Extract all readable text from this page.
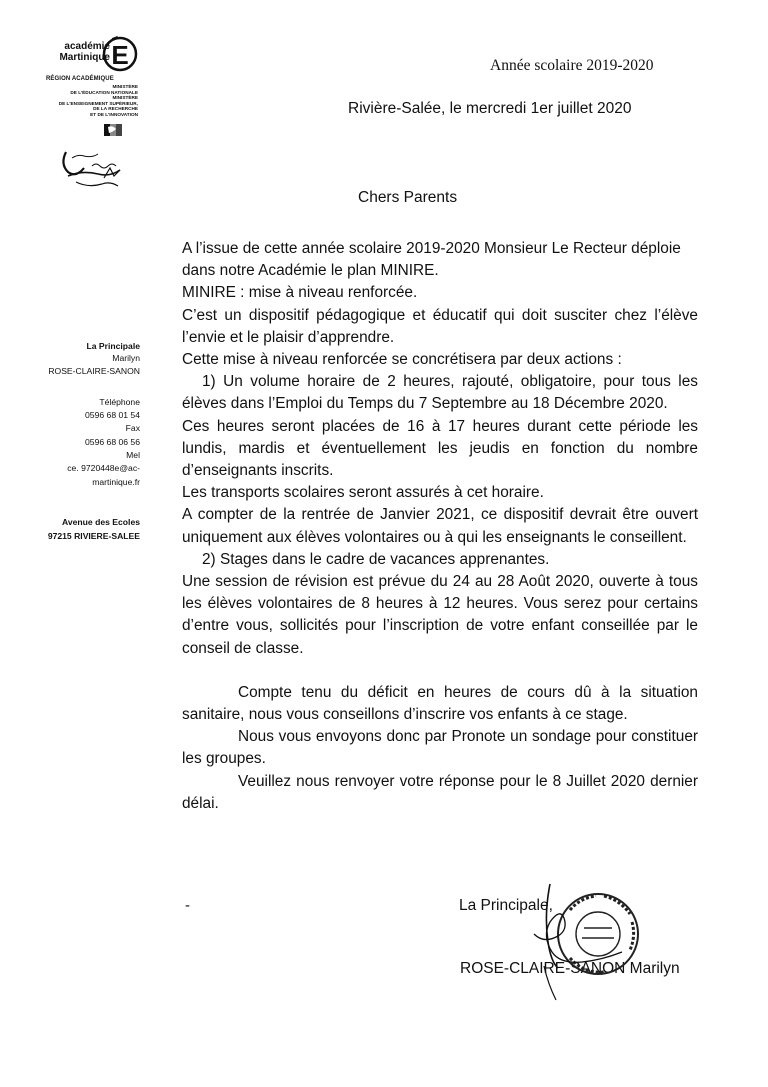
académie
Martinique E
RÉGION ACADÉMIQUE
MINISTÈRE
DE L'ÉDUCATION NATIONALE
MINISTÈRE
DE L'ENSEIGNEMENT SUPÉRIEUR,
DE LA RECHERCHE
ET DE L'INNOVATION
La Principale
Marilyn
ROSE-CLAIRE-SANON
Téléphone
0596 68 01 54
Fax
0596 68 06 56
Mel
ce. 9720448e@ac-
martinique.fr
Avenue des Ecoles
97215 RIVIERE-SALEE
Année scolaire 2019-2020
Rivière-Salée, le mercredi 1er juillet 2020
Chers Parents

A l’issue de cette année scolaire 2019-2020 Monsieur Le Recteur déploie dans notre Académie le plan MINIRE.

MINIRE : mise à niveau renforcée.

C’est un dispositif pédagogique et éducatif qui doit susciter chez l’élève l’envie et le plaisir d’apprendre.

Cette mise à niveau renforcée se concrétisera par deux actions :

1) Un volume horaire de 2 heures, rajouté, obligatoire, pour tous les élèves dans l’Emploi du Temps du 7 Septembre au 18 Décembre 2020.

Ces heures seront placées de 16 à 17 heures durant cette période les lundis, mardis et éventuellement les jeudis en fonction du nombre d’enseignants inscrits.

Les transports scolaires seront assurés à cet horaire.

A compter de la rentrée de Janvier 2021, ce dispositif devrait être ouvert uniquement aux élèves volontaires ou à qui les enseignants le conseillent.

2) Stages dans le cadre de vacances apprenantes.

Une session de révision est prévue du 24 au 28 Août 2020, ouverte à tous les élèves volontaires de 8 heures à 12 heures. Vous serez pour certains d’entre vous, sollicités pour l’inscription de votre enfant conseillée par le conseil de classe.

Compte tenu du déficit en heures de cours dû à la situation sanitaire, nous vous conseillons d’inscrire vos enfants à ce stage.

Nous vous envoyons donc par Pronote un sondage pour constituer les groupes.

Veuillez nous renvoyer votre réponse pour le 8 Juillet 2020 dernier délai.

-	La Principale,
ROSE-CLAIRE-SANON Marilyn
